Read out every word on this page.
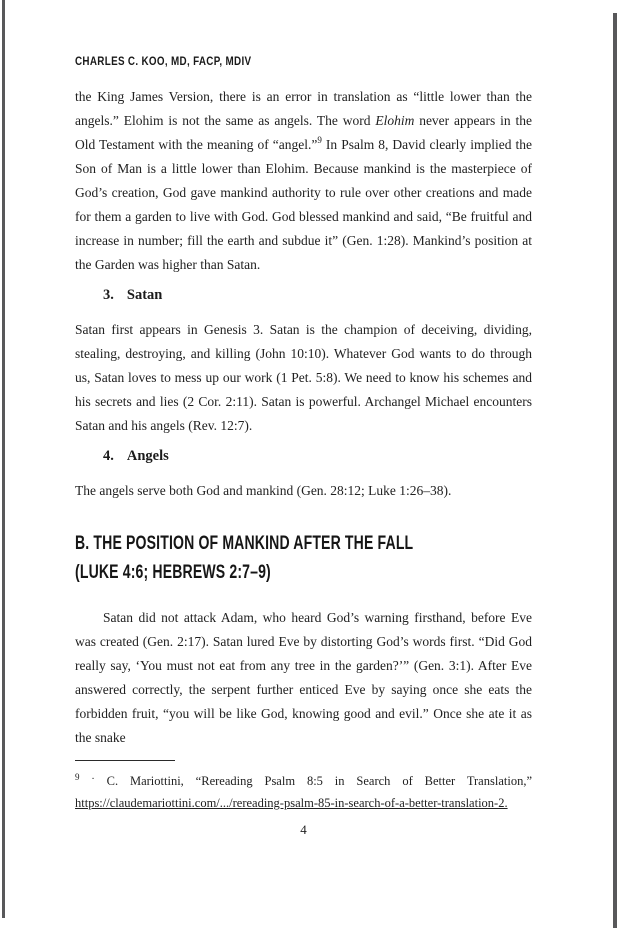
CHARLES C. KOO, MD, FACP, MDIV

the King James Version, there is an error in translation as “little lower than the angels.” Elohim is not the same as angels. The word Elohim never appears in the Old Testament with the meaning of “angel.”$^9$ In Psalm 8, David clearly implied the Son of Man is a little lower than Elohim. Because mankind is the masterpiece of God’s creation, God gave mankind authority to rule over other creations and made for them a garden to live with God. God blessed mankind and said, “Be fruitful and increase in number; fill the earth and subdue it” (Gen. 1:28). Mankind’s position at the Garden was higher than Satan.

3. Satan

Satan first appears in Genesis 3. Satan is the champion of deceiving, dividing, stealing, destroying, and killing (John 10:10). Whatever God wants to do through us, Satan loves to mess up our work (1 Pet. 5:8). We need to know his schemes and his secrets and lies (2 Cor. 2:11). Satan is powerful. Archangel Michael encounters Satan and his angels (Rev. 12:7).

4. Angels

The angels serve both God and mankind (Gen. 28:12; Luke 1:26–38).

B. THE POSITION OF MANKIND AFTER THE FALL
(LUKE 4:6; HEBREWS 2:7–9)

Satan did not attack Adam, who heard God’s warning firsthand, before Eve was created (Gen. 2:17). Satan lured Eve by distorting God’s words first. “Did God really say, ‘You must not eat from any tree in the garden?’” (Gen. 3:1). After Eve answered correctly, the serpent further enticed Eve by saying once she eats the forbidden fruit, “you will be like God, knowing good and evil.” Once she ate it as the snake

$^9$ · C. Mariottini, “Rereading Psalm 8:5 in Search of Better Translation,” https://claudemariottini.com/.../rereading-psalm-85-in-search-of-a-better-translation-2.

4
